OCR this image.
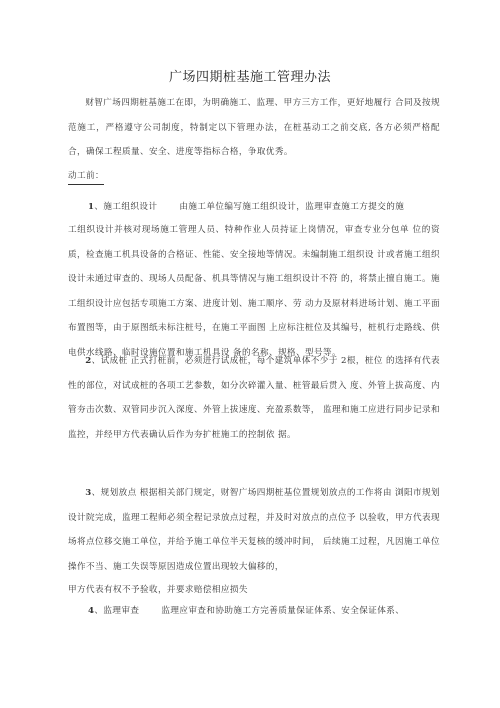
广场四期桩基施工管理办法

财智广场四期桩基施工在即，为明确施工、监理、甲方三方工作，更好地履行 合同及按规范施工，严格遵守公司制度，特制定以下管理办法，在桩基动工之前交底, 各方必须严格配合，确保工程质量、安全、进度等指标合格，争取优秀。

动工前：
1、施工组织设计	由施工单位编写施工组织设计，监理审查施工方提交的施

工组织设计并核对现场施工管理人员、特种作业人员持证上岗情况，审查专业分包单 位的资质，检查施工机具设备的合格证、性能、安全接地等情况。未编制施工组织设 计或者施工组织设计未通过审查的、现场人员配备、机具等情况与施工组织设计不符 的，将禁止擅自施工。施工组织设计应包括专项施工方案、进度计划、施工顺序、劳 动力及原材料进场计划、施工平面布置图等，由于原图纸未标注桩号，在施工平面图 上应标注桩位及其编号，桩机行走路线、供电供水线路、临时设施位置和施工机具设 备的名称、规格、型号等。

2、试成桩 正式打桩前，必须进行试成桩，每个建筑单体不少于 2根，桩位 的选择有代表性的部位，对试成桩的各项工艺参数，如分次碎灌入量、桩管最后贯入 度、外管上拔高度、内管夯击次数、双管同步沉入深度、外管上拔速度、充盈系数等， 监理和施工应进行同步记录和监控，并经甲方代表确认后作为夯扩桩施工的控制依 据。

3、规划放点 根据相关部门规定，财智广场四期桩基位置规划放点的工作将由 浏阳市规划设计院完成，监理工程师必须全程记录放点过程，并及时对放点的点位予 以验收，甲方代表现场将点位移交施工单位，并给予施工单位半天复核的缓冲时间， 后续施工过程，凡因施工单位操作不当、施工失误等原因造成位置出现较大偏移的，

甲方代表有权不予验收，并要求赔偿相应损失
4、监理审查	监理应审查和协助施工方完善质量保证体系、安全保证体系、
